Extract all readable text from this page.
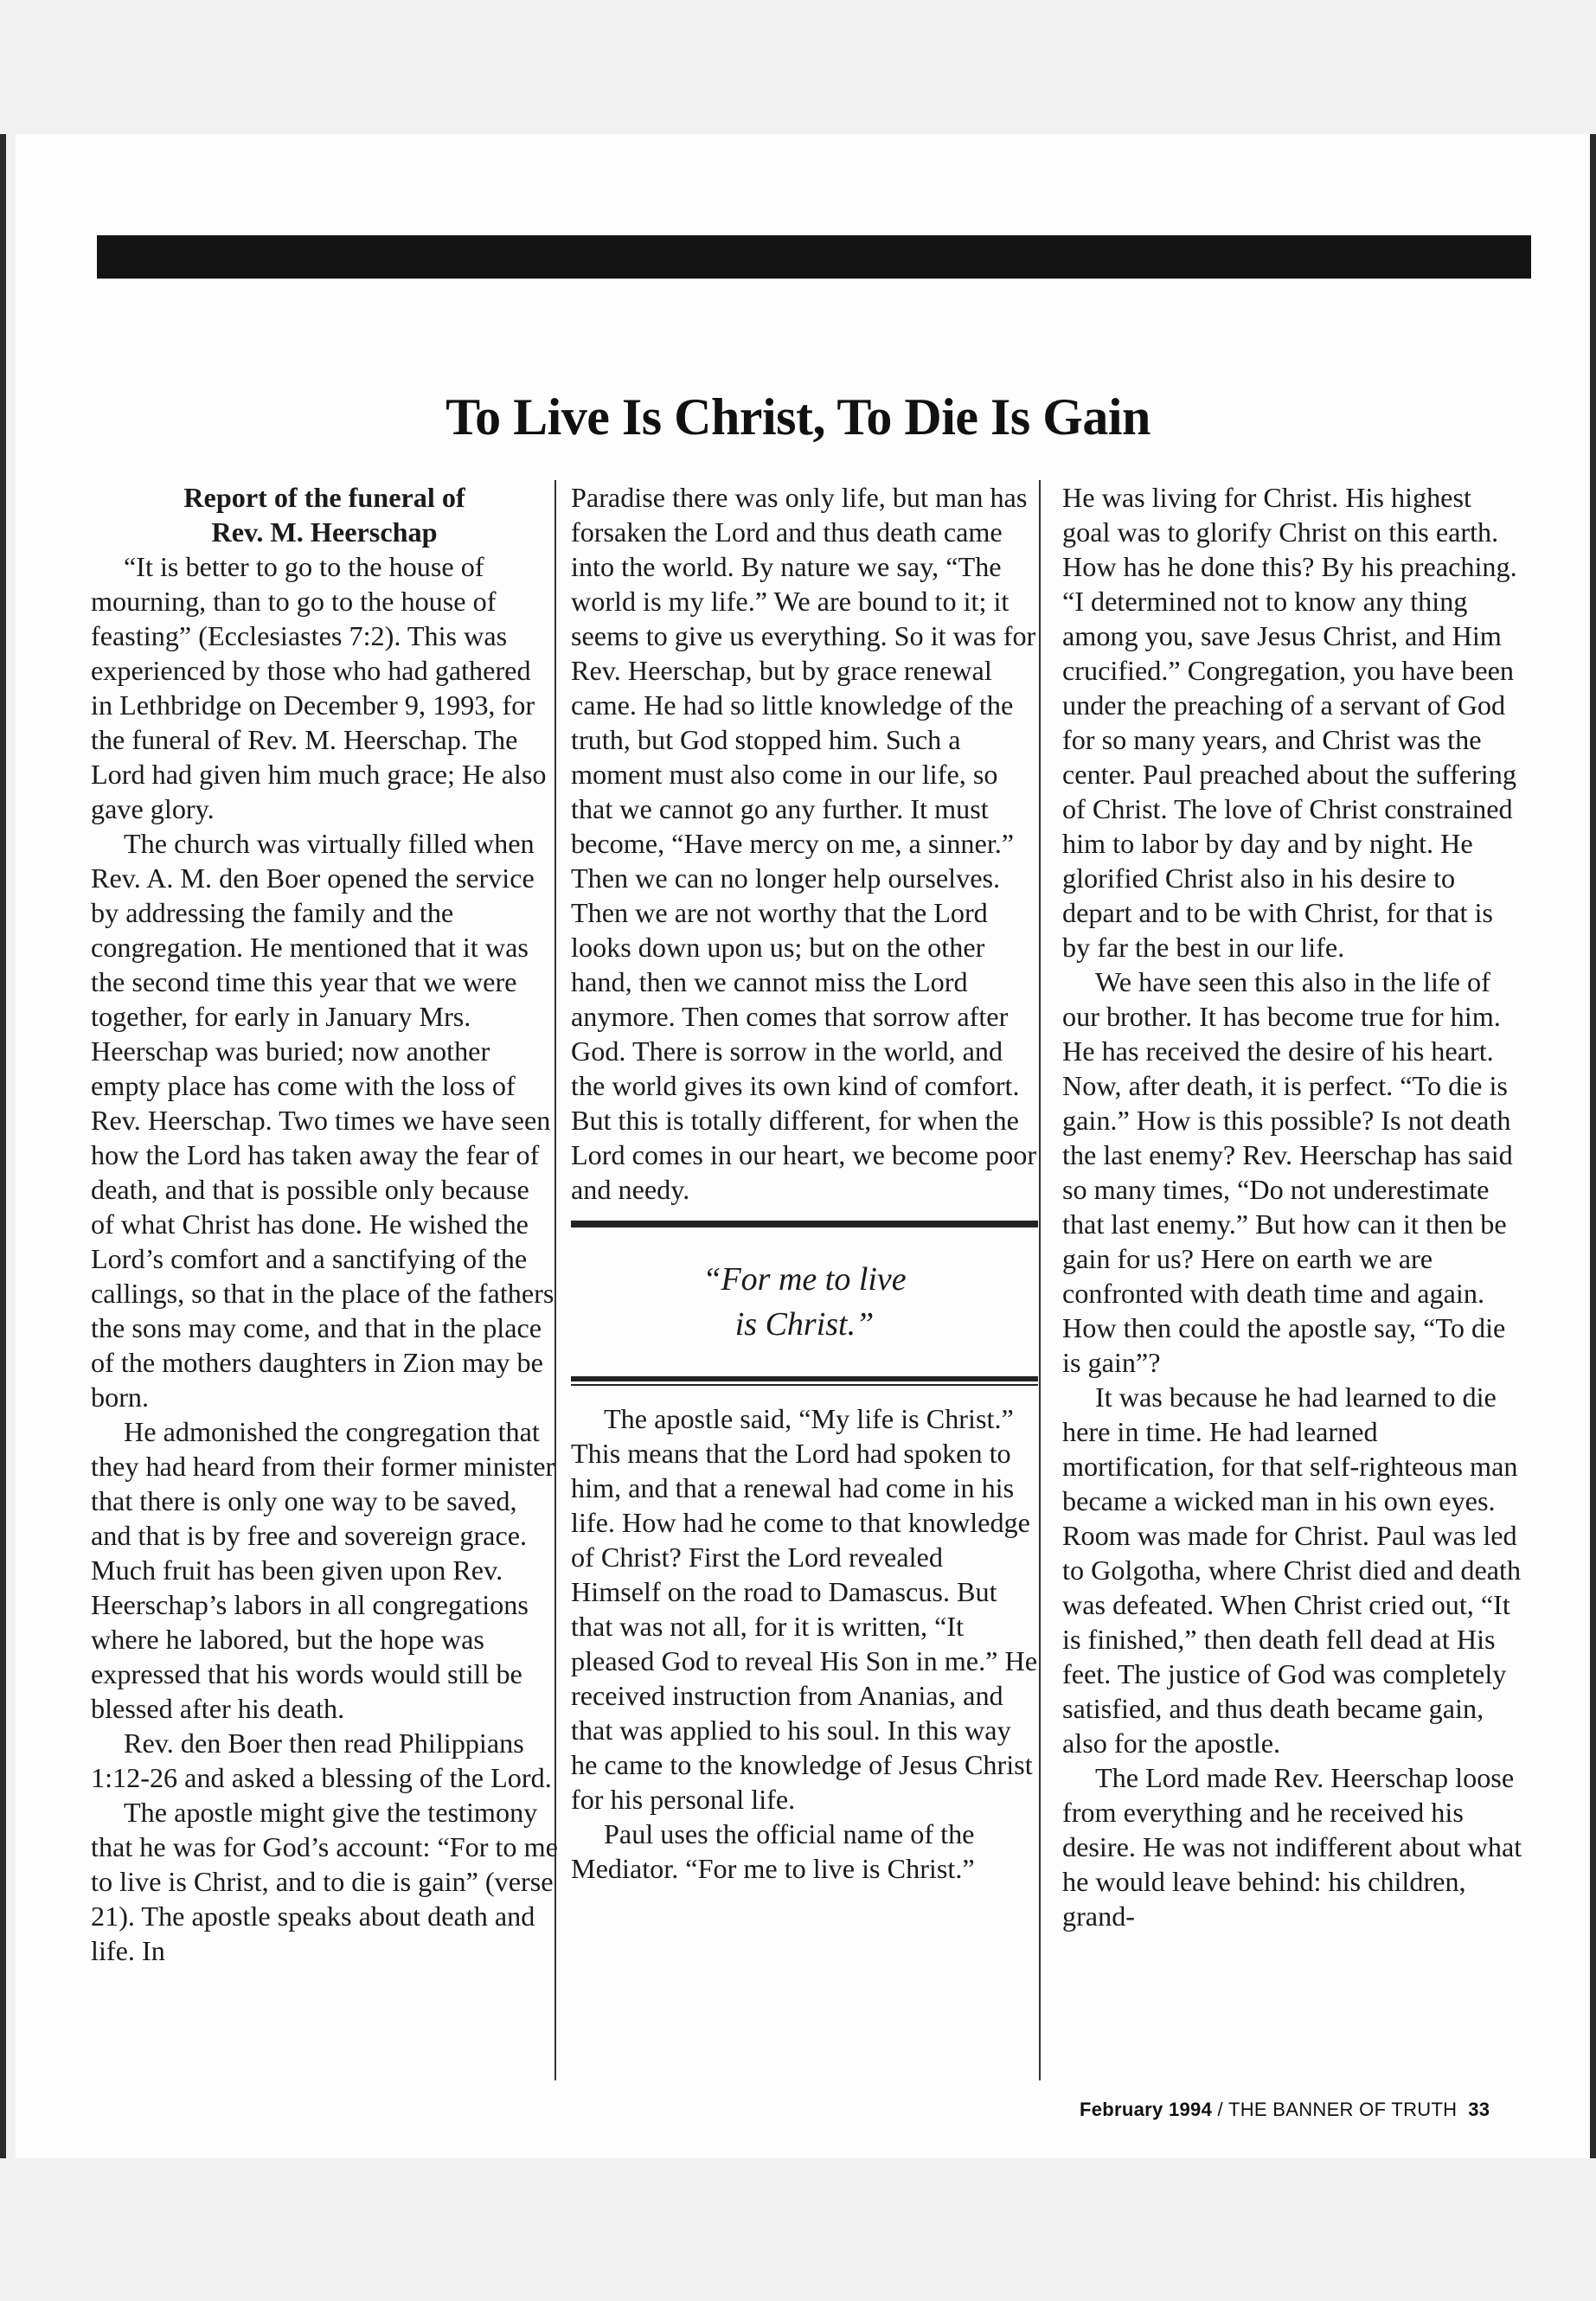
To Live Is Christ, To Die Is Gain
Report of the funeral of
Rev. M. Heerschap

“It is better to go to the house of mourning, than to go to the house of feasting” (Ecclesiastes 7:2). This was experienced by those who had gathered in Lethbridge on December 9, 1993, for the funeral of Rev. M. Heerschap. The Lord had given him much grace; He also gave glory.

The church was virtually filled when Rev. A. M. den Boer opened the service by addressing the family and the congregation. He mentioned that it was the second time this year that we were together, for early in January Mrs. Heerschap was buried; now another empty place has come with the loss of Rev. Heerschap. Two times we have seen how the Lord has taken away the fear of death, and that is possible only because of what Christ has done. He wished the Lord’s comfort and a sanctifying of the callings, so that in the place of the fathers the sons may come, and that in the place of the mothers daughters in Zion may be born.

He admonished the congregation that they had heard from their former minister that there is only one way to be saved, and that is by free and sovereign grace. Much fruit has been given upon Rev. Heerschap’s labors in all congregations where he labored, but the hope was expressed that his words would still be blessed after his death.

Rev. den Boer then read Philippians 1:12-26 and asked a blessing of the Lord.

The apostle might give the testimony that he was for God’s account: “For to me to live is Christ, and to die is gain” (verse 21). The apostle speaks about death and life. In

Paradise there was only life, but man has forsaken the Lord and thus death came into the world. By nature we say, “The world is my life.” We are bound to it; it seems to give us everything. So it was for Rev. Heerschap, but by grace renewal came. He had so little knowledge of the truth, but God stopped him. Such a moment must also come in our life, so that we cannot go any further. It must become, “Have mercy on me, a sinner.” Then we can no longer help ourselves. Then we are not worthy that the Lord looks down upon us; but on the other hand, then we cannot miss the Lord anymore. Then comes that sorrow after God. There is sorrow in the world, and the world gives its own kind of comfort. But this is totally different, for when the Lord comes in our heart, we become poor and needy.

“For me to live
is Christ.”

The apostle said, “My life is Christ.” This means that the Lord had spoken to him, and that a renewal had come in his life. How had he come to that knowledge of Christ? First the Lord revealed Himself on the road to Damascus. But that was not all, for it is written, “It pleased God to reveal His Son in me.” He received instruction from Ananias, and that was applied to his soul. In this way he came to the knowledge of Jesus Christ for his personal life.

Paul uses the official name of the Mediator. “For me to live is Christ.”

He was living for Christ. His highest goal was to glorify Christ on this earth. How has he done this? By his preaching. “I determined not to know any thing among you, save Jesus Christ, and Him crucified.” Congregation, you have been under the preaching of a servant of God for so many years, and Christ was the center. Paul preached about the suffering of Christ. The love of Christ constrained him to labor by day and by night. He glorified Christ also in his desire to depart and to be with Christ, for that is by far the best in our life.

We have seen this also in the life of our brother. It has become true for him. He has received the desire of his heart. Now, after death, it is perfect. “To die is gain.” How is this possible? Is not death the last enemy? Rev. Heerschap has said so many times, “Do not underestimate that last enemy.” But how can it then be gain for us? Here on earth we are confronted with death time and again. How then could the apostle say, “To die is gain”?

It was because he had learned to die here in time. He had learned mortification, for that self-righteous man became a wicked man in his own eyes. Room was made for Christ. Paul was led to Golgotha, where Christ died and death was defeated. When Christ cried out, “It is finished,” then death fell dead at His feet. The justice of God was completely satisfied, and thus death became gain, also for the apostle.

The Lord made Rev. Heerschap loose from everything and he received his desire. He was not indifferent about what he would leave behind: his children, grand-

February 1994 / THE BANNER OF TRUTH 33
